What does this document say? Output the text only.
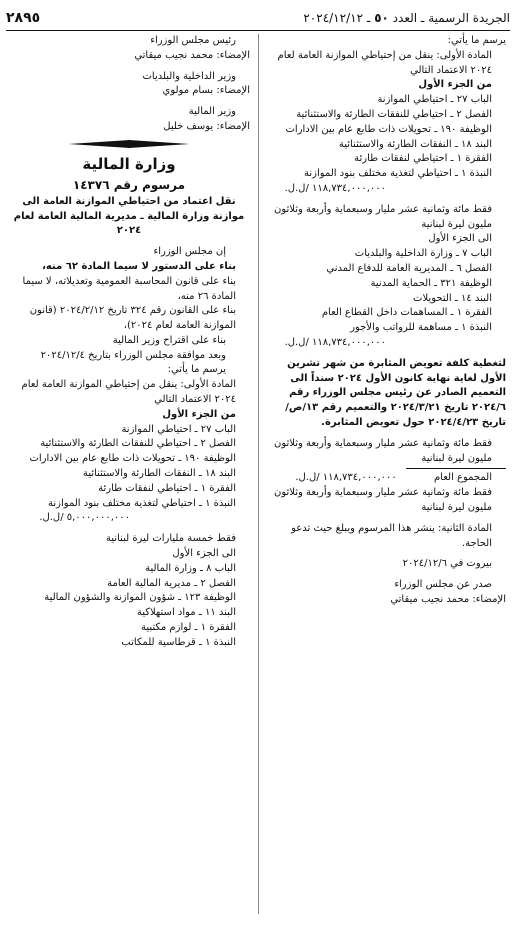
الجريدة الرسمية ـ العدد ٥٠ ـ ٢٠٢٤/١٢/١٢
٢٨٩٥

يرسم ما يأتي:

المادة الأولى: ينقل من إحتياطي الموازنة العامة لعام ٢٠٢٤ الاعتماد التالي

من الجزء الأول

الباب ٢٧ ـ احتياطي الموازنة

الفصل ٢ ـ احتياطي للنفقات الطارئة والاستثنائية

الوظيفة ١٩٠ ـ تحويلات ذات طابع عام بين الادارات

البند ١٨ ـ النفقات الطارئة والاستثنائية

الفقرة ١ ـ احتياطي لنفقات طارئة

النبذة ١ ـ احتياطي لتغذية مختلف بنود الموازنة

١١٨,٧٣٤,٠٠٠,٠٠٠ /ل.ل.

فقط مائة وثمانية عشر مليار وسبعماية وأربعة وثلاثون مليون ليرة لبنانية

الى الجزء الأول

الباب ٧ ـ وزارة الداخلية والبلديات

الفصل ٦ ـ المديرية العامة للدفاع المدني

الوظيفة ٣٢١ ـ الحماية المدنية

البند ١٤ ـ التحويلات

الفقرة ١ ـ المساهمات داخل القطاع العام

النبذة ١ ـ مساهمة للرواتب والأجور

١١٨,٧٣٤,٠٠٠,٠٠٠ /ل.ل.

لتغطية كلفة تعويض المثابرة من شهر تشرين الأول لغاية نهاية كانون الأول ٢٠٢٤ سنداً الى التعميم الصادر عن رئيس مجلس الوزراء رقم ٢٠٢٤/٦ تاريخ ٢٠٢٤/٣/٢١ والتعميم رقم ١٣/ص/ تاريخ ٢٠٢٤/٤/٢٣ حول تعويض المثابرة.

فقط مائة وثمانية عشر مليار وسبعماية وأربعة وثلاثون مليون ليرة لبنانية

المجموع العام ١١٨,٧٣٤,٠٠٠,٠٠٠ /ل.ل.

فقط مائة وثمانية عشر مليار وسبعماية وأربعة وثلاثون مليون ليرة لبنانية

المادة الثانية: ينشر هذا المرسوم ويبلغ حيث تدعو الحاجة.

بيروت في ٢٠٢٤/١٢/٦

صدر عن مجلس الوزراء

الإمضاء: محمد نجيب ميقاتي

رئيس مجلس الوزراء

الإمضاء: محمد نجيب ميقاتي

وزير الداخلية والبلديات

الإمضاء: بسام مولوي

وزير المالية

الإمضاء: يوسف خليل

وزارة المالية

مرسوم رقم ١٤٣٧٦

نقل اعتماد من احتياطي الموازنة العامة الى موازنة وزارة المالية ـ مديرية المالية العامة لعام ٢٠٢٤

إن مجلس الوزراء

بناء على الدستور لا سيما المادة ٦٢ منه،

بناء على قانون المحاسبة العمومية وتعديلاته، لا سيما المادة ٢٦ منه،

بناء على القانون رقم ٣٢٤ تاريخ ٢٠٢٤/٢/١٢ (قانون الموازنة العامة لعام ٢٠٢٤)،

بناء على اقتراح وزير المالية

وبعد موافقة مجلس الوزراء بتاريخ ٢٠٢٤/١٢/٤

يرسم ما يأتي:

المادة الأولى: ينقل من إحتياطي الموازنة العامة لعام ٢٠٢٤ الاعتماد التالي

من الجزء الأول

الباب ٢٧ ـ احتياطي الموازنة

الفصل ٢ ـ احتياطي للنفقات الطارئة والاستثنائية

الوظيفة ١٩٠ ـ تحويلات ذات طابع عام بين الادارات

البند ١٨ ـ النفقات الطارئة والاستثنائية

الفقرة ١ ـ احتياطي لنفقات طارئة

النبذة ١ ـ احتياطي لتغذية مختلف بنود الموازنة

٥,٠٠٠,٠٠٠,٠٠٠ /ل.ل.

فقط خمسة مليارات ليرة لبنانية

الى الجزء الأول

الباب ٨ ـ وزارة المالية

الفصل ٢ ـ مديرية المالية العامة

الوظيفة ١٢٣ ـ شؤون الموازنة والشؤون المالية

البند ١١ ـ مواد استهلاكية

الفقرة ١ ـ لوازم مكتبية

النبذة ١ ـ قرطاسية للمكاتب
